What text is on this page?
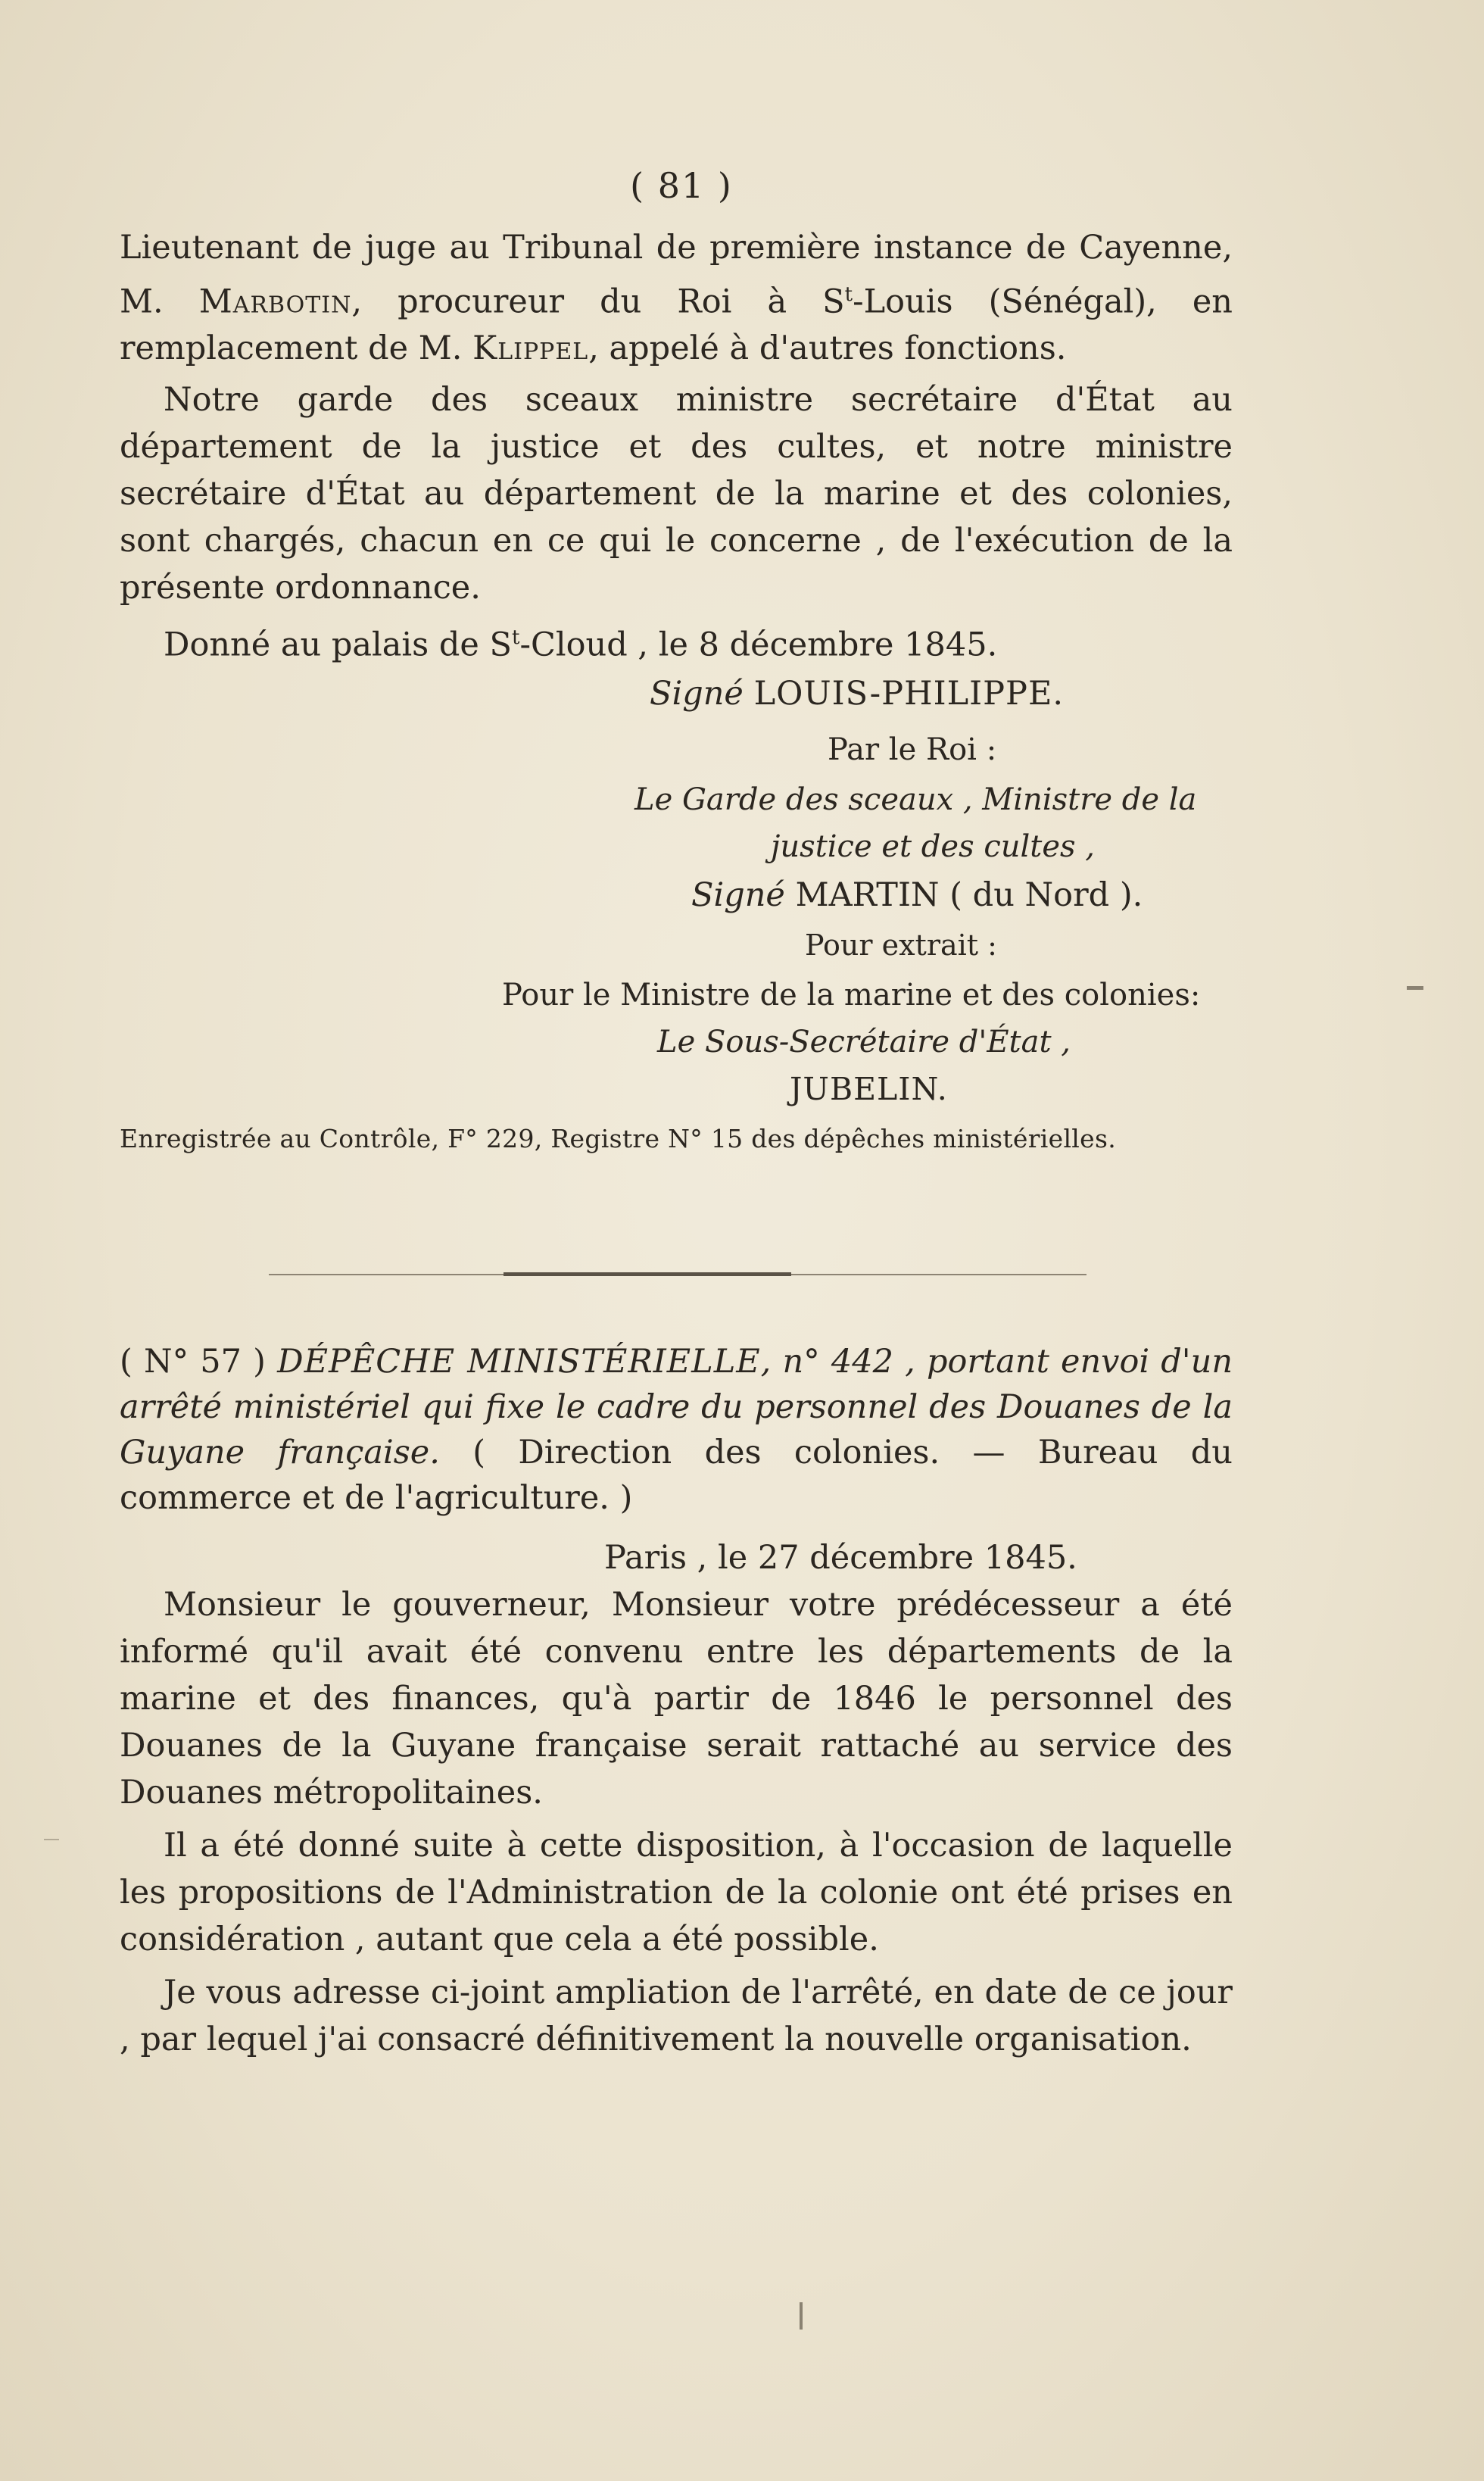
( 81 )

Lieutenant de juge au Tribunal de première instance de Cayenne, M. Marbotin, procureur du Roi à $S^t$-Louis (Sénégal), en remplacement de M. Klippel, appelé à d'autres fonctions.

Notre garde des sceaux ministre secrétaire d'État au département de la justice et des cultes, et notre ministre secrétaire d'État au département de la marine et des colonies, sont chargés, chacun en ce qui le concerne , de l'exécution de la présente ordonnance.

Donné au palais de $S^t$-Cloud , le 8 décembre 1845.

Signé LOUIS-PHILIPPE.

Par le Roi :

Le Garde des sceaux , Ministre de la

justice et des cultes ,

Signé MARTIN ( du Nord ).

Pour extrait :

Pour le Ministre de la marine et des colonies:

Le Sous-Secrétaire d'État ,

JUBELIN.

Enregistrée au Contrôle, F° 229, Registre N° 15 des dépêches ministérielles.

( N° 57 ) DÉPÊCHE MINISTÉRIELLE, n° 442 , portant envoi d'un arrêté ministériel qui fixe le cadre du personnel des Douanes de la Guyane française. ( Direction des colonies. — Bureau du commerce et de l'agriculture. )

Paris , le 27 décembre 1845.

Monsieur le gouverneur, Monsieur votre prédécesseur a été informé qu'il avait été convenu entre les départements de la marine et des finances, qu'à partir de 1846 le personnel des Douanes de la Guyane française serait rattaché au service des Douanes métropolitaines.

Il a été donné suite à cette disposition, à l'occasion de laquelle les propositions de l'Administration de la colonie ont été prises en considération , autant que cela a été possible.

Je vous adresse ci-joint ampliation de l'arrêté, en date de ce jour , par lequel j'ai consacré définitivement la nouvelle organisation.
